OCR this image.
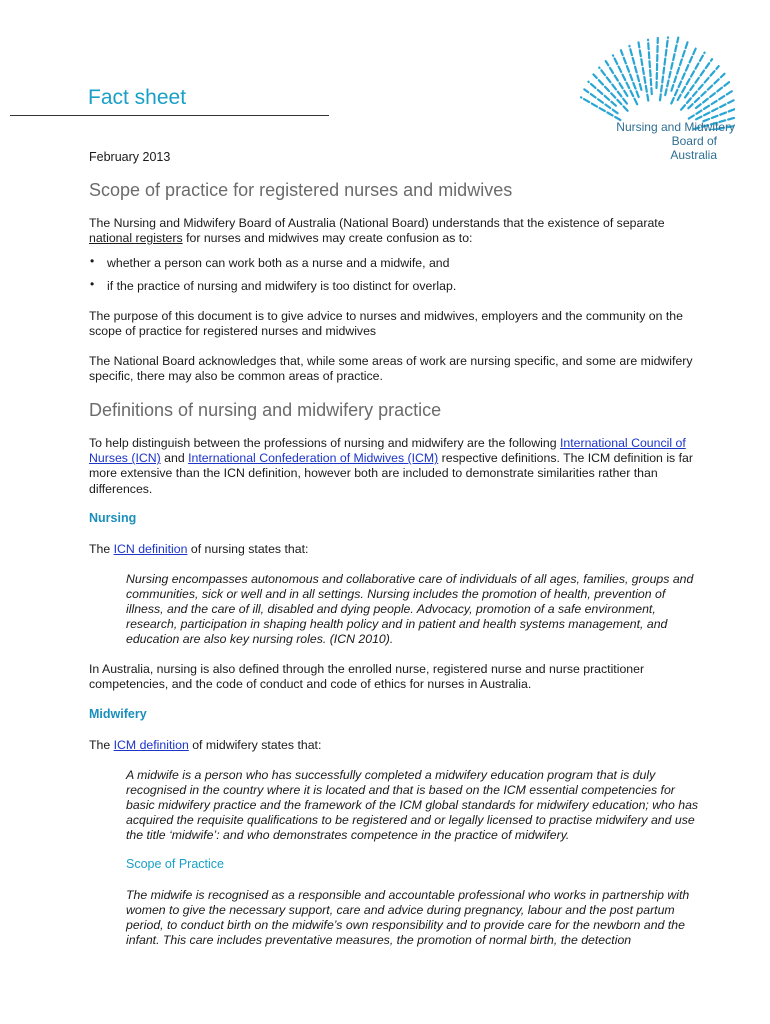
Nursing and Midwifery
Board of
Australia
Fact sheet
February 2013
Scope of practice for registered nurses and midwives
The Nursing and Midwifery Board of Australia (National Board) understands that the existence of separate
national registers for nurses and midwives may create confusion as to:
• whether a person can work both as a nurse and a midwife, and
• if the practice of nursing and midwifery is too distinct for overlap.
The purpose of this document is to give advice to nurses and midwives, employers and the community on the scope of practice for registered nurses and midwives
The National Board acknowledges that, while some areas of work are nursing specific, and some are midwifery specific, there may also be common areas of practice.
Definitions of nursing and midwifery practice
To help distinguish between the professions of nursing and midwifery are the following International Council of Nurses (ICN) and International Confederation of Midwives (ICM) respective definitions. The ICM definition is far more extensive than the ICN definition, however both are included to demonstrate similarities rather than differences.
Nursing
The ICN definition of nursing states that:
Nursing encompasses autonomous and collaborative care of individuals of all ages, families, groups and communities, sick or well and in all settings. Nursing includes the promotion of health, prevention of illness, and the care of ill, disabled and dying people. Advocacy, promotion of a safe environment, research, participation in shaping health policy and in patient and health systems management, and education are also key nursing roles. (ICN 2010).
In Australia, nursing is also defined through the enrolled nurse, registered nurse and nurse practitioner competencies, and the code of conduct and code of ethics for nurses in Australia.
Midwifery
The ICM definition of midwifery states that:
A midwife is a person who has successfully completed a midwifery education program that is duly recognised in the country where it is located and that is based on the ICM essential competencies for basic midwifery practice and the framework of the ICM global standards for midwifery education; who has acquired the requisite qualifications to be registered and or legally licensed to practise midwifery and use the title ‘midwife’: and who demonstrates competence in the practice of midwifery.
Scope of Practice
The midwife is recognised as a responsible and accountable professional who works in partnership with women to give the necessary support, care and advice during pregnancy, labour and the post partum period, to conduct birth on the midwife’s own responsibility and to provide care for the newborn and the infant. This care includes preventative measures, the promotion of normal birth, the detection
